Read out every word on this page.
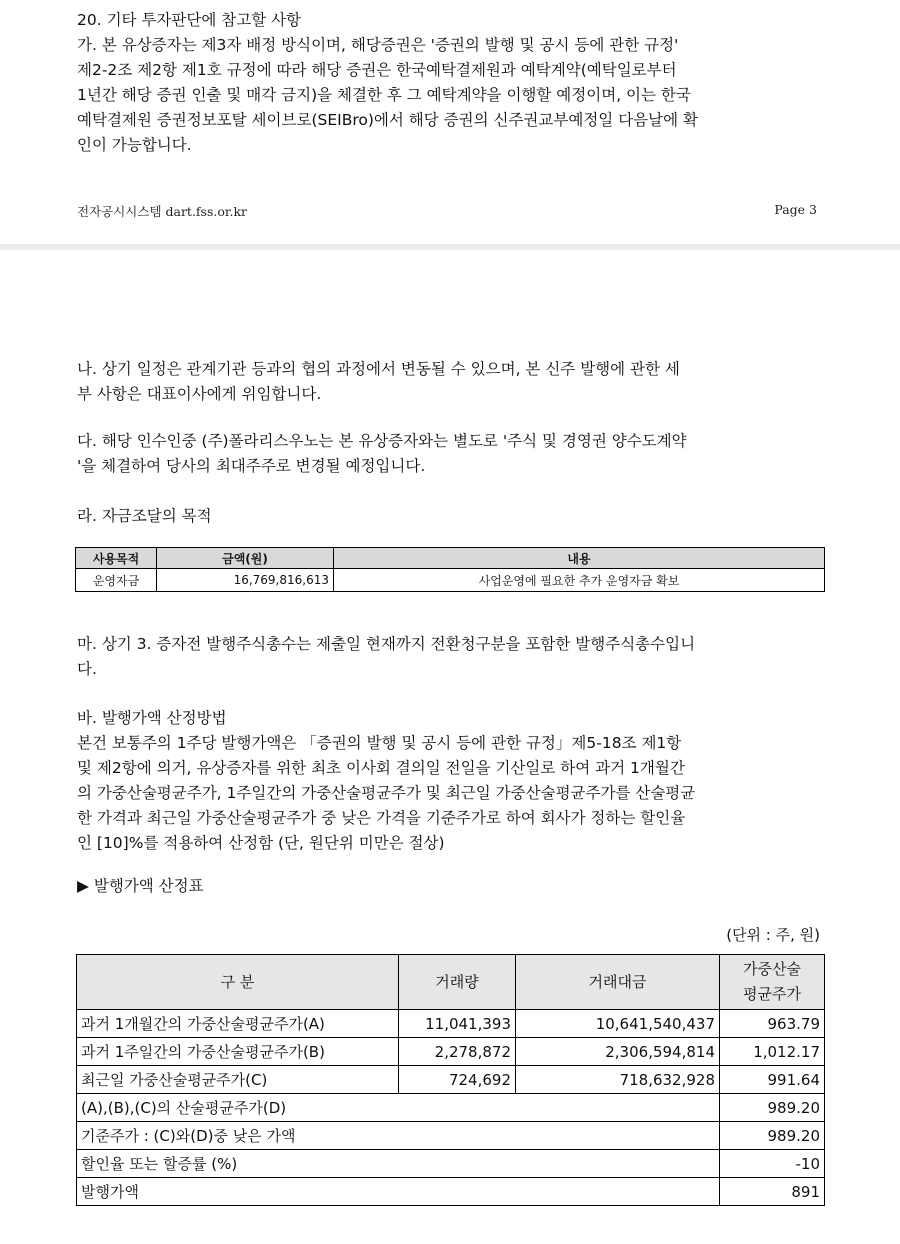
20. 기타 투자판단에 참고할 사항
가. 본 유상증자는 제3자 배정 방식이며, 해당증권은 '증권의 발행 및 공시 등에 관한 규정'
제2-2조 제2항 제1호 규정에 따라 해당 증권은 한국예탁결제원과 예탁계약(예탁일로부터
1년간 해당 증권 인출 및 매각 금지)을 체결한 후 그 예탁계약을 이행할 예정이며, 이는 한국
예탁결제원 증권정보포탈 세이브로(SEIBro)에서 해당 증권의 신주권교부예정일 다음날에 확
인이 가능합니다.
전자공시시스템 dart.fss.or.kr	Page 3
나. 상기 일정은 관계기관 등과의 협의 과정에서 변동될 수 있으며, 본 신주 발행에 관한 세
부 사항은 대표이사에게 위임합니다.
다. 해당 인수인중 (주)폴라리스우노는 본 유상증자와는 별도로 '주식 및 경영권 양수도계약
'을 체결하여 당사의 최대주주로 변경될 예정입니다.
라. 자금조달의 목적
사용목적	금액(원)	내용
운영자금	16,769,816,613	사업운영에 필요한 추가 운영자금 확보
마. 상기 3. 증자전 발행주식총수는 제출일 현재까지 전환청구분을 포함한 발행주식총수입니
다.
바. 발행가액 산정방법
본건 보통주의 1주당 발행가액은 「증권의 발행 및 공시 등에 관한 규정」제5-18조 제1항
및 제2항에 의거, 유상증자를 위한 최초 이사회 결의일 전일을 기산일로 하여 과거 1개월간
의 가중산술평균주가, 1주일간의 가중산술평균주가 및 최근일 가중산술평균주가를 산술평균
한 가격과 최근일 가중산술평균주가 중 낮은 가격을 기준주가로 하여 회사가 정하는 할인율
인 [10]%를 적용하여 산정함 (단, 원단위 미만은 절상)
▶ 발행가액 산정표
(단위 : 주, 원)
구 분	거래량	거래대금	가중산술
평균주가

과거 1개월간의 가중산술평균주가(A)	11,041,393	10,641,540,437	963.79
과거 1주일간의 가중산술평균주가(B)	2,278,872	2,306,594,814	1,012.17
최근일 가중산술평균주가(C)	724,692	718,632,928	991.64
(A),(B),(C)의 산술평균주가(D)			989.20
기준주가 : (C)와(D)중 낮은 가액			989.20
할인율 또는 할증률 (%)			-10
발행가액			891
